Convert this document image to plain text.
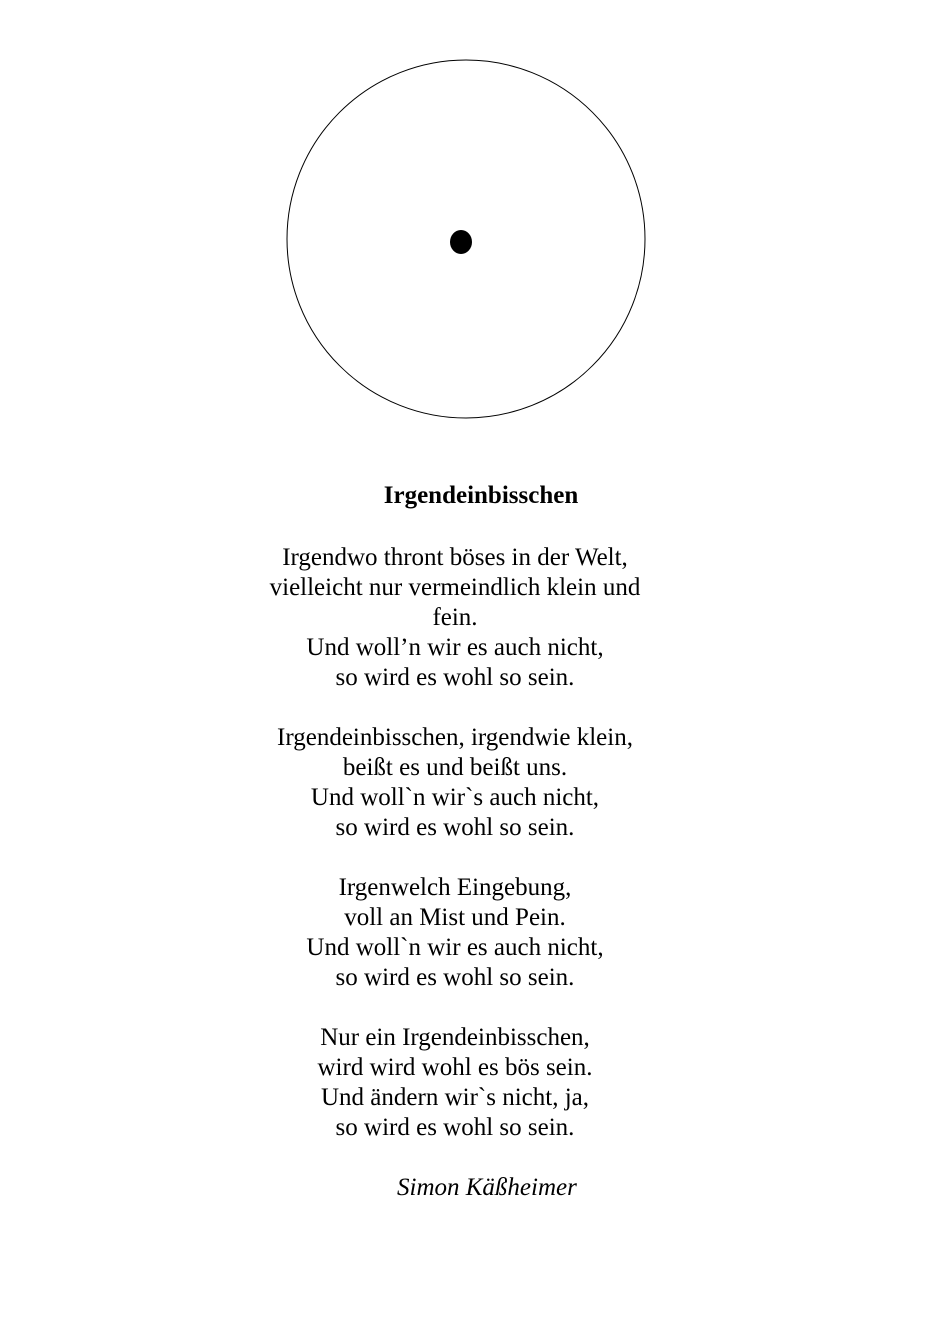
Irgendeinbisschen
Irgendwo thront böses in der Welt,
vielleicht nur vermeindlich klein und
fein.
Und woll’n wir es auch nicht,
so wird es wohl so sein.
Irgendeinbisschen, irgendwie klein,
beißt es und beißt uns.
Und woll`n wir`s auch nicht,
so wird es wohl so sein.
Irgenwelch Eingebung,
voll an Mist und Pein.
Und woll`n wir es auch nicht,
so wird es wohl so sein.
Nur ein Irgendeinbisschen,
wird wird wohl es bös sein.
Und ändern wir`s nicht, ja,
so wird es wohl so sein.
Simon Käßheimer
